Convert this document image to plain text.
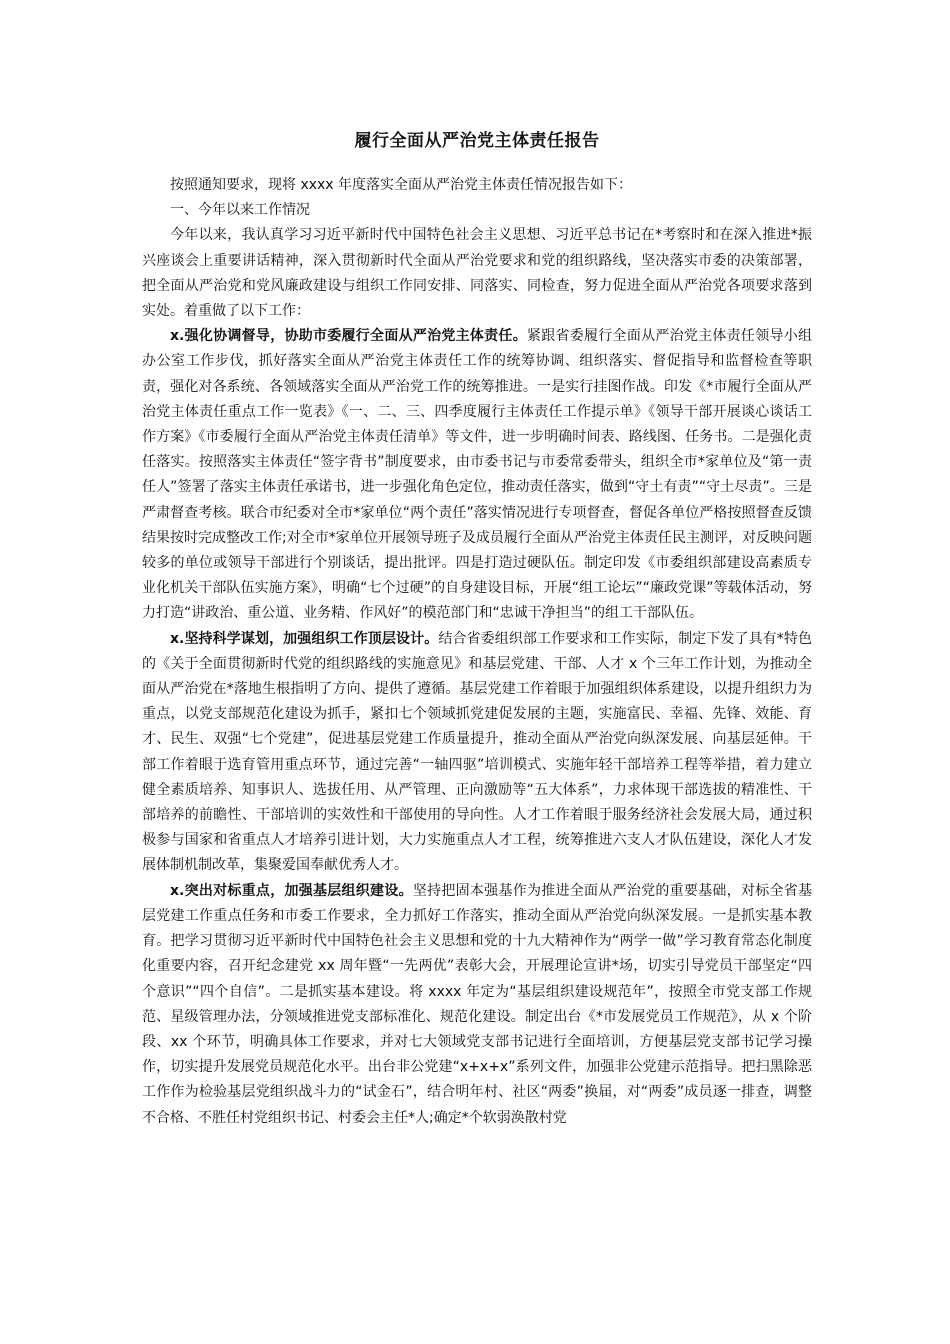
履行全面从严治党主体责任报告

按照通知要求，现将 xxxx 年度落实全面从严治党主体责任情况报告如下：

一、今年以来工作情况

今年以来，我认真学习习近平新时代中国特色社会主义思想、习近平总书记在*考察时和在深入推进*振兴座谈会上重要讲话精神，深入贯彻新时代全面从严治党要求和党的组织路线，坚决落实市委的决策部署，把全面从严治党和党风廉政建设与组织工作同安排、同落实、同检查，努力促进全面从严治党各项要求落到实处。着重做了以下工作：

x.强化协调督导，协助市委履行全面从严治党主体责任。紧跟省委履行全面从严治党主体责任领导小组办公室工作步伐，抓好落实全面从严治党主体责任工作的统筹协调、组织落实、督促指导和监督检查等职责，强化对各系统、各领域落实全面从严治党工作的统筹推进。一是实行挂图作战。印发《*市履行全面从严治党主体责任重点工作一览表》《一、二、三、四季度履行主体责任工作提示单》《领导干部开展谈心谈话工作方案》《市委履行全面从严治党主体责任清单》等文件，进一步明确时间表、路线图、任务书。二是强化责任落实。按照落实主体责任“签字背书”制度要求，由市委书记与市委常委带头，组织全市*家单位及“第一责任人”签署了落实主体责任承诺书，进一步强化角色定位，推动责任落实，做到“守土有责”“守土尽责”。三是严肃督查考核。联合市纪委对全市*家单位“两个责任”落实情况进行专项督查，督促各单位严格按照督查反馈结果按时完成整改工作;对全市*家单位开展领导班子及成员履行全面从严治党主体责任民主测评，对反映问题较多的单位或领导干部进行个别谈话，提出批评。四是打造过硬队伍。制定印发《市委组织部建设高素质专业化机关干部队伍实施方案》，明确“七个过硬”的自身建设目标，开展“组工论坛”“廉政党课”等载体活动，努力打造“讲政治、重公道、业务精、作风好”的模范部门和“忠诚干净担当”的组工干部队伍。

x.坚持科学谋划，加强组织工作顶层设计。结合省委组织部工作要求和工作实际，制定下发了具有*特色的《关于全面贯彻新时代党的组织路线的实施意见》和基层党建、干部、人才 x 个三年工作计划，为推动全面从严治党在*落地生根指明了方向、提供了遵循。基层党建工作着眼于加强组织体系建设，以提升组织力为重点，以党支部规范化建设为抓手，紧扣七个领域抓党建促发展的主题，实施富民、幸福、先锋、效能、育才、民生、双强“七个党建”，促进基层党建工作质量提升，推动全面从严治党向纵深发展、向基层延伸。干部工作着眼于选育管用重点环节，通过完善“一轴四驱”培训模式、实施年轻干部培养工程等举措，着力建立健全素质培养、知事识人、选拔任用、从严管理、正向激励等“五大体系”，力求体现干部选拔的精准性、干部培养的前瞻性、干部培训的实效性和干部使用的导向性。人才工作着眼于服务经济社会发展大局，通过积极参与国家和省重点人才培养引进计划，大力实施重点人才工程，统筹推进六支人才队伍建设，深化人才发展体制机制改革，集聚爱国奉献优秀人才。

x.突出对标重点，加强基层组织建设。坚持把固本强基作为推进全面从严治党的重要基础，对标全省基层党建工作重点任务和市委工作要求，全力抓好工作落实，推动全面从严治党向纵深发展。一是抓实基本教育。把学习贯彻习近平新时代中国特色社会主义思想和党的十九大精神作为“两学一做”学习教育常态化制度化重要内容，召开纪念建党 xx 周年暨“一先两优”表彰大会，开展理论宣讲*场，切实引导党员干部坚定“四个意识”“四个自信”。二是抓实基本建设。将 xxxx 年定为“基层组织建设规范年”，按照全市党支部工作规范、星级管理办法，分领域推进党支部标准化、规范化建设。制定出台《*市发展党员工作规范》，从 x 个阶段、xx 个环节，明确具体工作要求，并对七大领域党支部书记进行全面培训，方便基层党支部书记学习操作，切实提升发展党员规范化水平。出台非公党建“x+x+x”系列文件，加强非公党建示范指导。把扫黑除恶工作作为检验基层党组织战斗力的“试金石”，结合明年村、社区“两委”换届，对“两委”成员逐一排查，调整不合格、不胜任村党组织书记、村委会主任*人;确定*个软弱涣散村党
